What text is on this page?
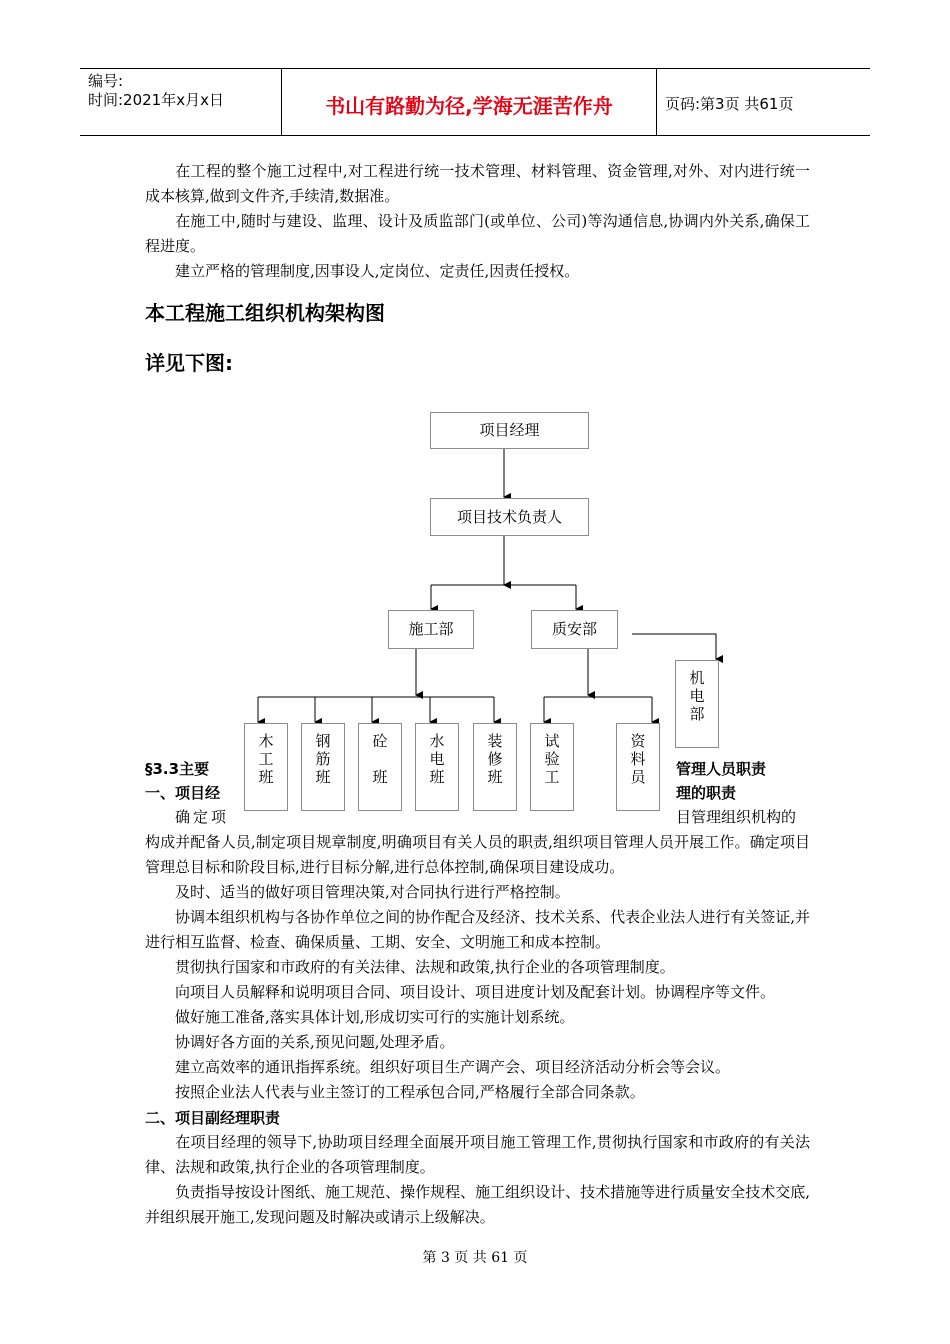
编号:
时间:2021年x月x日	书山有路勤为径,学海无涯苦作舟	页码:第3页 共61页
在工程的整个施工过程中,对工程进行统一技术管理、材料管理、资金管理,对外、对内进行统一成本核算,做到文件齐,手续清,数据准。
在施工中,随时与建设、监理、设计及质监部门(或单位、公司)等沟通信息,协调内外关系,确保工程进度。
建立严格的管理制度,因事设人,定岗位、定责任,因责任授权。
本工程施工组织机构架构图
详见下图:
项目经理
项目技术负责人
施工部	质安部
机
电
部
木
工
班
钢
筋
班
砼
班
水
电
班
装
修
班
试
验
工
资
料
员
§3.3主要
一、项目经
管理人员职责
理的职责
确定项	目管理组织机构的
构成并配备人员,制定项目规章制度,明确项目有关人员的职责,组织项目管理人员开展工作。确定项目管理总目标和阶段目标,进行目标分解,进行总体控制,确保项目建设成功。
及时、适当的做好项目管理决策,对合同执行进行严格控制。
协调本组织机构与各协作单位之间的协作配合及经济、技术关系、代表企业法人进行有关签证,并进行相互监督、检查、确保质量、工期、安全、文明施工和成本控制。
贯彻执行国家和市政府的有关法律、法规和政策,执行企业的各项管理制度。
向项目人员解释和说明项目合同、项目设计、项目进度计划及配套计划。协调程序等文件。
做好施工准备,落实具体计划,形成切实可行的实施计划系统。
协调好各方面的关系,预见问题,处理矛盾。
建立高效率的通讯指挥系统。组织好项目生产调产会、项目经济活动分析会等会议。
按照企业法人代表与业主签订的工程承包合同,严格履行全部合同条款。
二、项目副经理职责
在项目经理的领导下,协助项目经理全面展开项目施工管理工作,贯彻执行国家和市政府的有关法律、法规和政策,执行企业的各项管理制度。
负责指导按设计图纸、施工规范、操作规程、施工组织设计、技术措施等进行质量安全技术交底,并组织展开施工,发现问题及时解决或请示上级解决。
第 3 页 共 61 页
